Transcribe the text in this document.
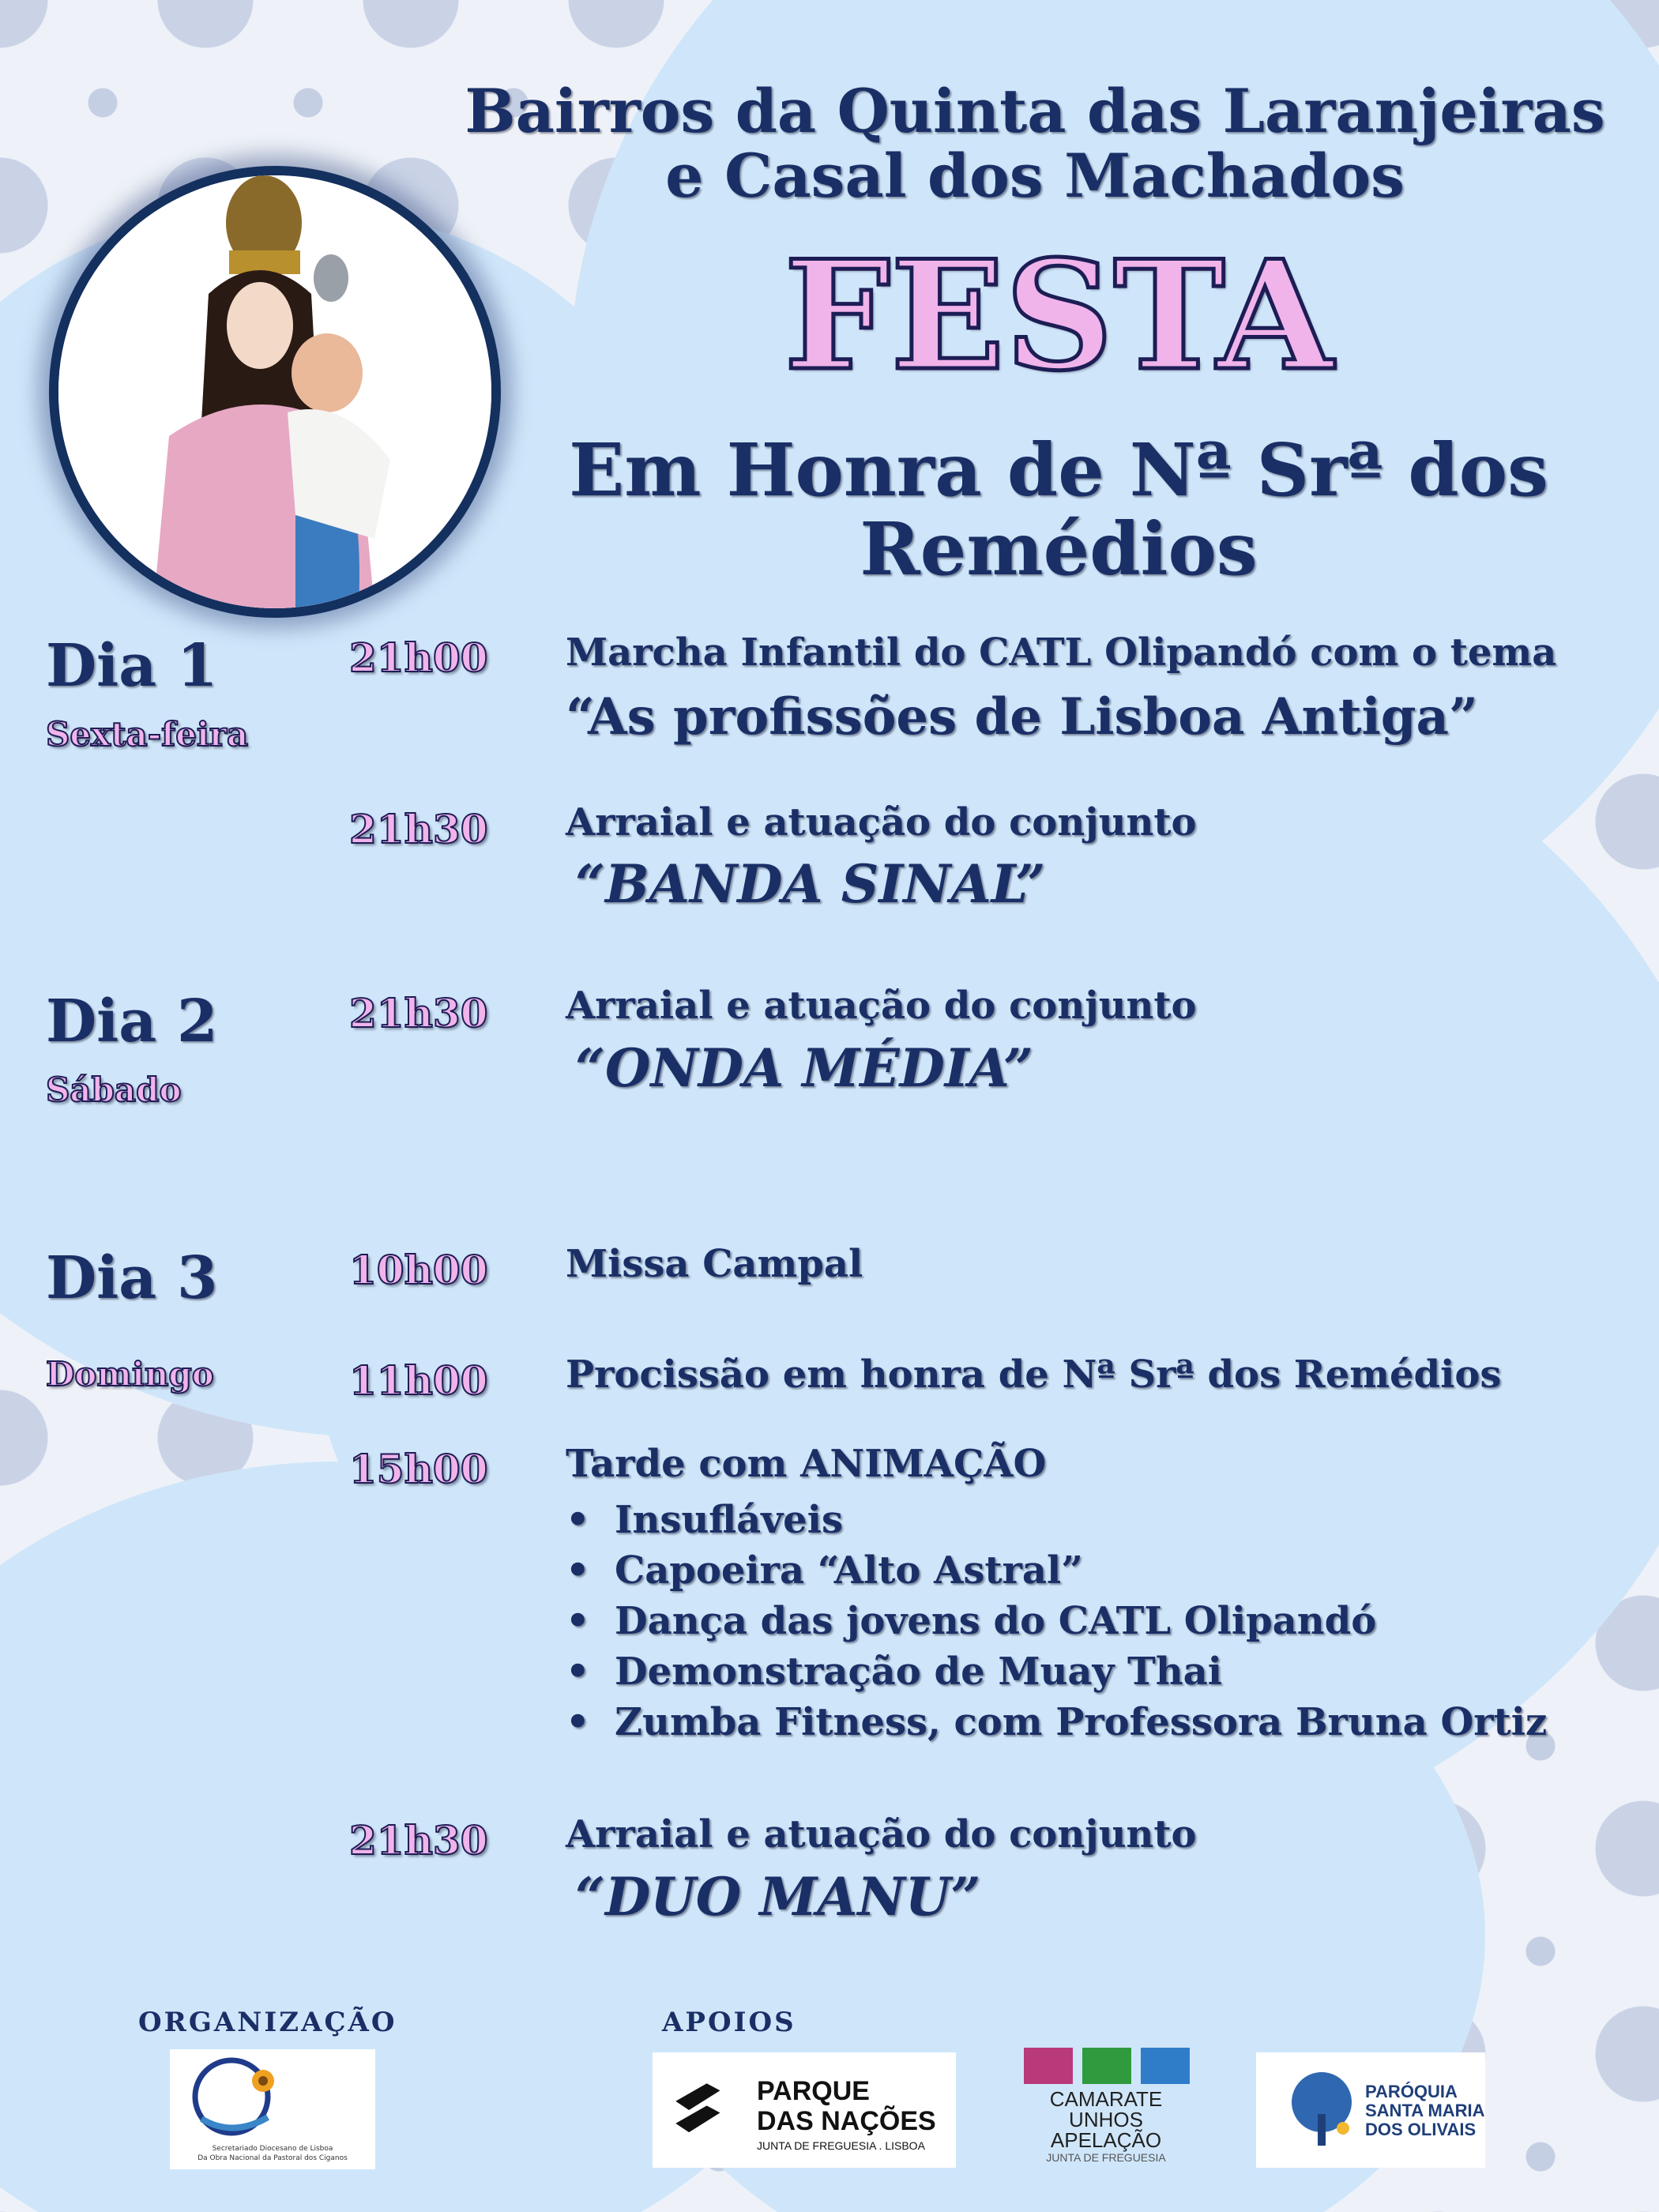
Bairros da Quinta das Laranjeiras
e Casal dos Machados
FESTA
Em Honra de Nª Srª dos
Remédios
Dia 1
Sexta-feira
21h00 Marcha Infantil do CATL Olipandó com o tema
“As profissões de Lisboa Antiga”
21h30 Arraial e atuação do conjunto
“BANDA SINAL”
Dia 2
Sábado
21h30 Arraial e atuação do conjunto
“ONDA MÉDIA”
Dia 3
Domingo
10h00 Missa Campal
11h00 Procissão em honra de Nª Srª dos Remédios
15h00 Tarde com ANIMAÇÃO
• Insufláveis
• Capoeira “Alto Astral”
• Dança das jovens do CATL Olipandó
• Demonstração de Muay Thai
• Zumba Fitness, com Professora Bruna Ortiz
21h30 Arraial e atuação do conjunto
“DUO MANU”
ORGANIZAÇÃO	APOIOS
Secretariado Diocesano de Lisboa
Da Obra Nacional da Pastoral dos Ciganos
PARQUE
DAS NAÇÕES
JUNTA DE FREGUESIA . LISBOA
CAMARATE
UNHOS
APELAÇÃO
JUNTA DE FREGUESIA
PARÓQUIA
SANTA MARIA
DOS OLIVAIS
